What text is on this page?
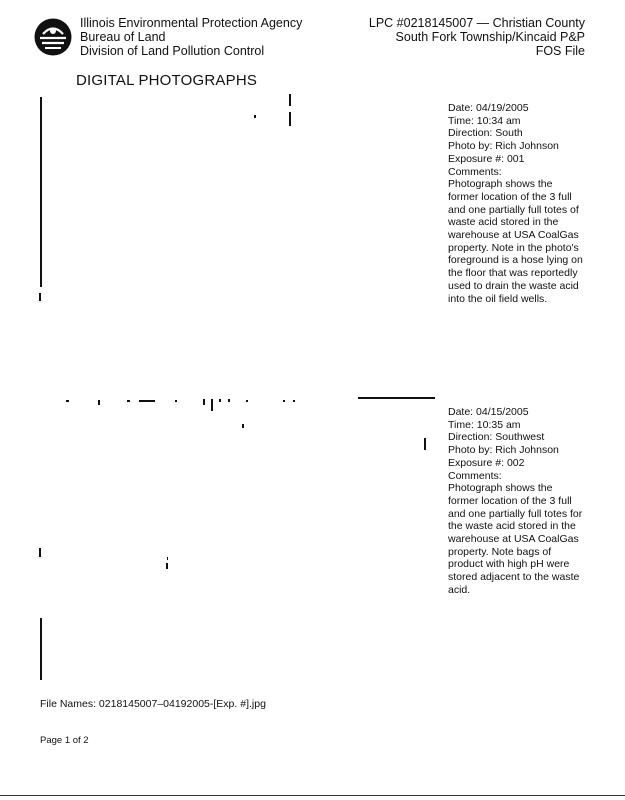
Illinois Environmental Protection Agency
Bureau of Land
Division of Land Pollution Control
LPC #0218145007 — Christian County
South Fork Township/Kincaid P&P
FOS File
DIGITAL PHOTOGRAPHS

Date: 04/19/2005

Time: 10:34 am

Direction: South

Photo by: Rich Johnson

Exposure #: 001

Comments:

Photograph shows the former location of the 3 full and one partially full totes of waste acid stored in the warehouse at USA CoalGas property. Note in the photo's foreground is a hose lying on the floor that was reportedly used to drain the waste acid into the oil field wells.

Date: 04/15/2005

Time: 10:35 am

Direction: Southwest

Photo by: Rich Johnson

Exposure #: 002

Comments:

Photograph shows the former location of the 3 full and one partially full totes for the waste acid stored in the warehouse at USA CoalGas property. Note bags of product with high pH were stored adjacent to the waste acid.

File Names: 0218145007–04192005-[Exp. #].jpg
Page 1 of 2
